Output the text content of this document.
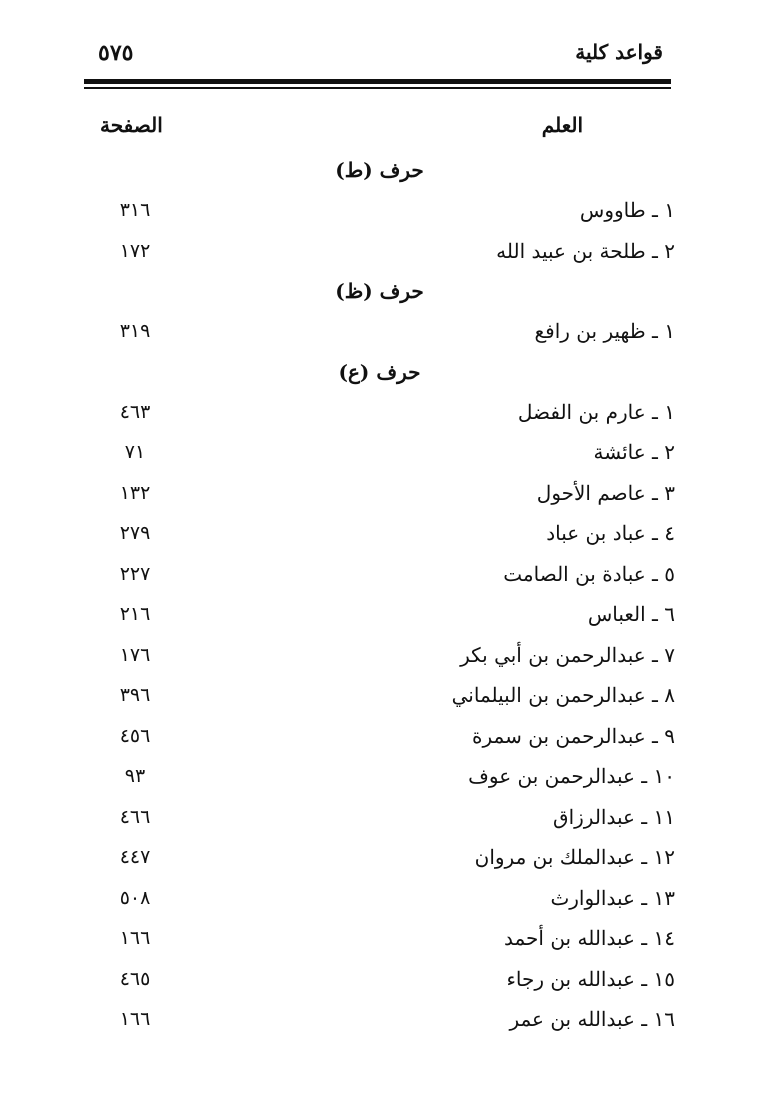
قواعد كلية
٥٧٥
العلم
الصفحة
حرف (ط)
١ ـ طاووس
٣١٦
٢ ـ طلحة بن عبيد الله
١٧٢
حرف (ظ)
١ ـ ظهير بن رافع
٣١٩
حرف (ع)
١ ـ عارم بن الفضل
٤٦٣
٢ ـ عائشة
٧١
٣ ـ عاصم الأحول
١٣٢
٤ ـ عباد بن عباد
٢٧٩
٥ ـ عبادة بن الصامت
٢٢٧
٦ ـ العباس
٢١٦
٧ ـ عبدالرحمن بن أبي بكر
١٧٦
٨ ـ عبدالرحمن بن البيلماني
٣٩٦
٩ ـ عبدالرحمن بن سمرة
٤٥٦
١٠ ـ عبدالرحمن بن عوف
٩٣
١١ ـ عبدالرزاق
٤٦٦
١٢ ـ عبدالملك بن مروان
٤٤٧
١٣ ـ عبدالوارث
٥٠٨
١٤ ـ عبدالله بن أحمد
١٦٦
١٥ ـ عبدالله بن رجاء
٤٦٥
١٦ ـ عبدالله بن عمر
١٦٦
